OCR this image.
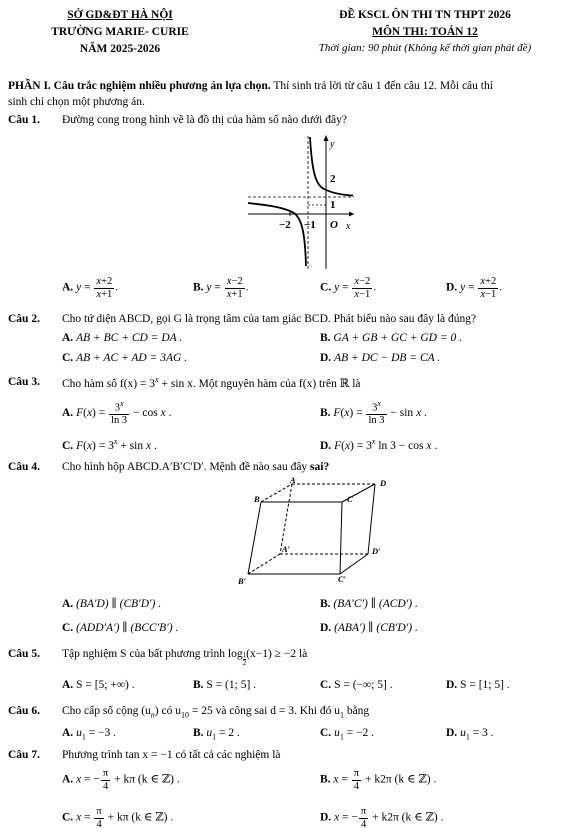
SỞ GD&ĐT HÀ NỘI
TRƯỜNG MARIE- CURIE
NĂM 2025-2026
ĐỀ KSCL ÔN THI TN THPT 2026
MÔN THI: TOÁN 12
Thời gian: 90 phút (Không kể thời gian phát đề)
PHẦN I. Câu trắc nghiệm nhiều phương án lựa chọn. Thí sinh trả lời từ câu 1 đến câu 12. Mỗi câu thí
sinh chỉ chọn một phương án.
Câu 1. Đường cong trong hình vẽ là đồ thị của hàm số nào dưới đây?
y
x
O
2
1
−2 −1
A. $y = \frac{x+2}{x+1}$ .	B. $y = \frac{x-2}{x+1}$ .	C. $y = \frac{x-2}{x-1}$ .	D. $y = \frac{x+2}{x-1}$ .
Câu 2. Cho tứ diện ABCD, gọi G là trọng tâm của tam giác BCD. Phát biểu nào sau đây là đúng?
A. AB + BC + CD = DA .	B. GA + GB + GC + GD = 0 .
C. AB + AC + AD = 3AG .	D. AB + DC − DB = CA .
Câu 3. Cho hàm số $f(x) = 3^x + \sin x$. Một nguyên hàm của f(x) trên ℝ là
A. $F(x) = \frac{3^x}{\ln 3} - \cos x$ .	B. $F(x) = \frac{3^x}{\ln 3} - \sin x$ .
C. $F(x) = 3^x + \sin x$ .	D. $F(x) = 3^x$ ln 3 − cos x .
Câu 4. Cho hình hộp ABCD.A′B′C′D′. Mệnh đề nào sau đây sai?
A
B	C
D
A′
B′	C′
D′
A. (BA′D) ∥ (CB′D′) .	B. (BA′C′) ∥ (ACD′) .
C. (ADD′A′) ∥ (BCC′B′) .	D. (ABA′) ∥ (CB′D′) .
Câu 5. Tập nghiệm S của bất phương trình $\log \frac{1}{2} (x-1) \ge -2$ là
A. S = [5; +∞) .	B. S = (1; 5] .	C. S = (−∞; 5] .	D. S = [1; 5] .
Câu 6. Cho cấp số cộng $(u_n)$ có $u_{10} = 25$ và công sai d = 3. Khi đó $u_1$ bằng
A. $u_1 = -3$ .	B. $u_1 = 2$ .	C. $u_1 = -2$ .	D. $u_1 = 3$ .
Câu 7. Phương trình tan x = −1 có tất cả các nghiệm là
A. x = − $\frac{\pi}{4} + k\pi$ (k ∈ ℤ) .	B. $x = \frac{\pi}{4} + k2\pi$ (k ∈ ℤ) .
C. $x = \frac{\pi}{4} + k\pi$ (k ∈ ℤ) .	D. x = − $\frac{\pi}{4} + k2\pi$ (k ∈ ℤ) .
